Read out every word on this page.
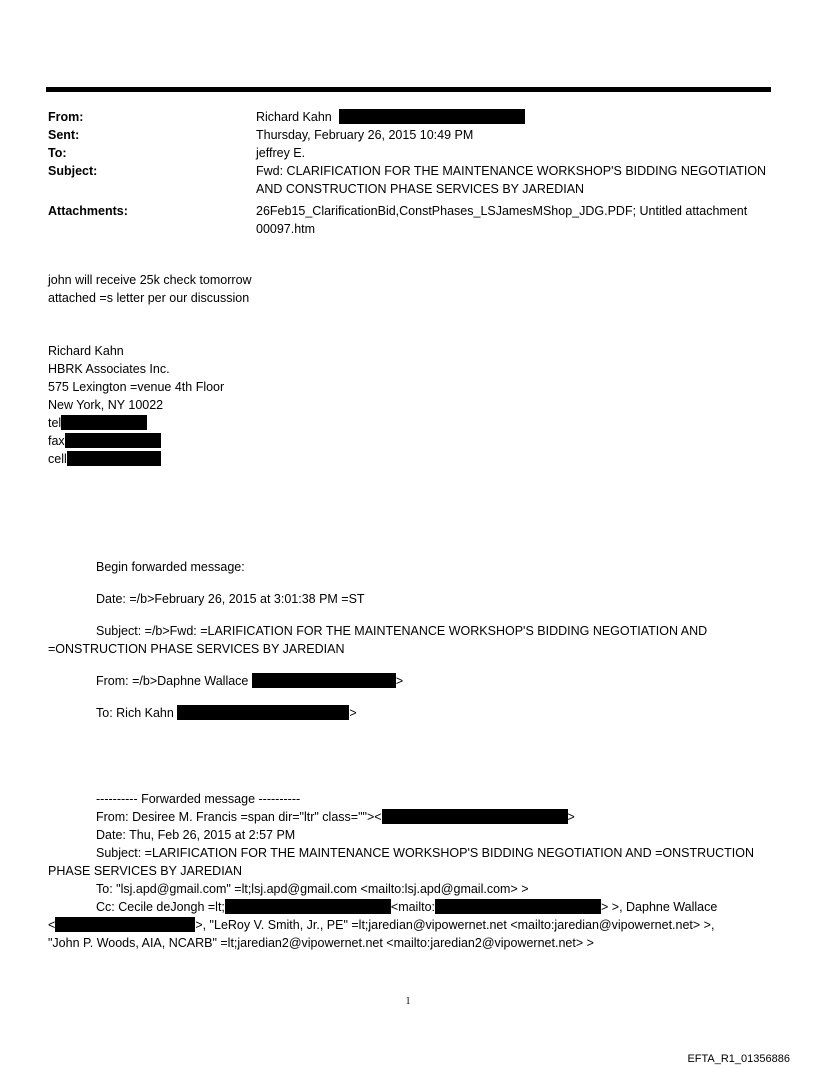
From:	Richard Kahn
Sent:	Thursday, February 26, 2015 10:49 PM
To:	jeffrey E.
Subject:	Fwd: CLARIFICATION FOR THE MAINTENANCE WORKSHOP'S BIDDING NEGOTIATION AND CONSTRUCTION PHASE SERVICES BY JAREDIAN
Attachments:	26Feb15_ClarificationBid,ConstPhases_LSJamesMShop_JDG.PDF; Untitled attachment 00097.htm
john will receive 25k check tomorrow
attached =s letter per our discussion
Richard Kahn
HBRK Associates Inc.
575 Lexington =venue 4th Floor
New York, NY 10022
tel
fax
cell

Begin forwarded message:

Date: =/b>February 26, 2015 at 3:01:38 PM =ST

Subject: =/b>Fwd: =LARIFICATION FOR THE MAINTENANCE WORKSHOP'S BIDDING NEGOTIATION AND

=ONSTRUCTION PHASE SERVICES BY JAREDIAN

From: =/b>Daphne Wallace	>

To: Rich Kahn	>

---------- Forwarded message ----------

From: Desiree M. Francis =span dir="ltr" class=""><	>

Date: Thu, Feb 26, 2015 at 2:57 PM

Subject: =LARIFICATION FOR THE MAINTENANCE WORKSHOP'S BIDDING NEGOTIATION AND =ONSTRUCTION

PHASE SERVICES BY JAREDIAN

To: "lsj.apd@gmail.com" =lt;lsj.apd@gmail.com <mailto:lsj.apd@gmail.com> >

Cc: Cecile deJongh =lt;	<mailto:	> >, Daphne Wallace

<	>, "LeRoy V. Smith, Jr., PE" =lt;jaredian@vipowernet.net <mailto:jaredian@vipowernet.net> >,

"John P. Woods, AIA, NCARB" =lt;jaredian2@vipowernet.net <mailto:jaredian2@vipowernet.net> >

1
EFTA_R1_01356886
